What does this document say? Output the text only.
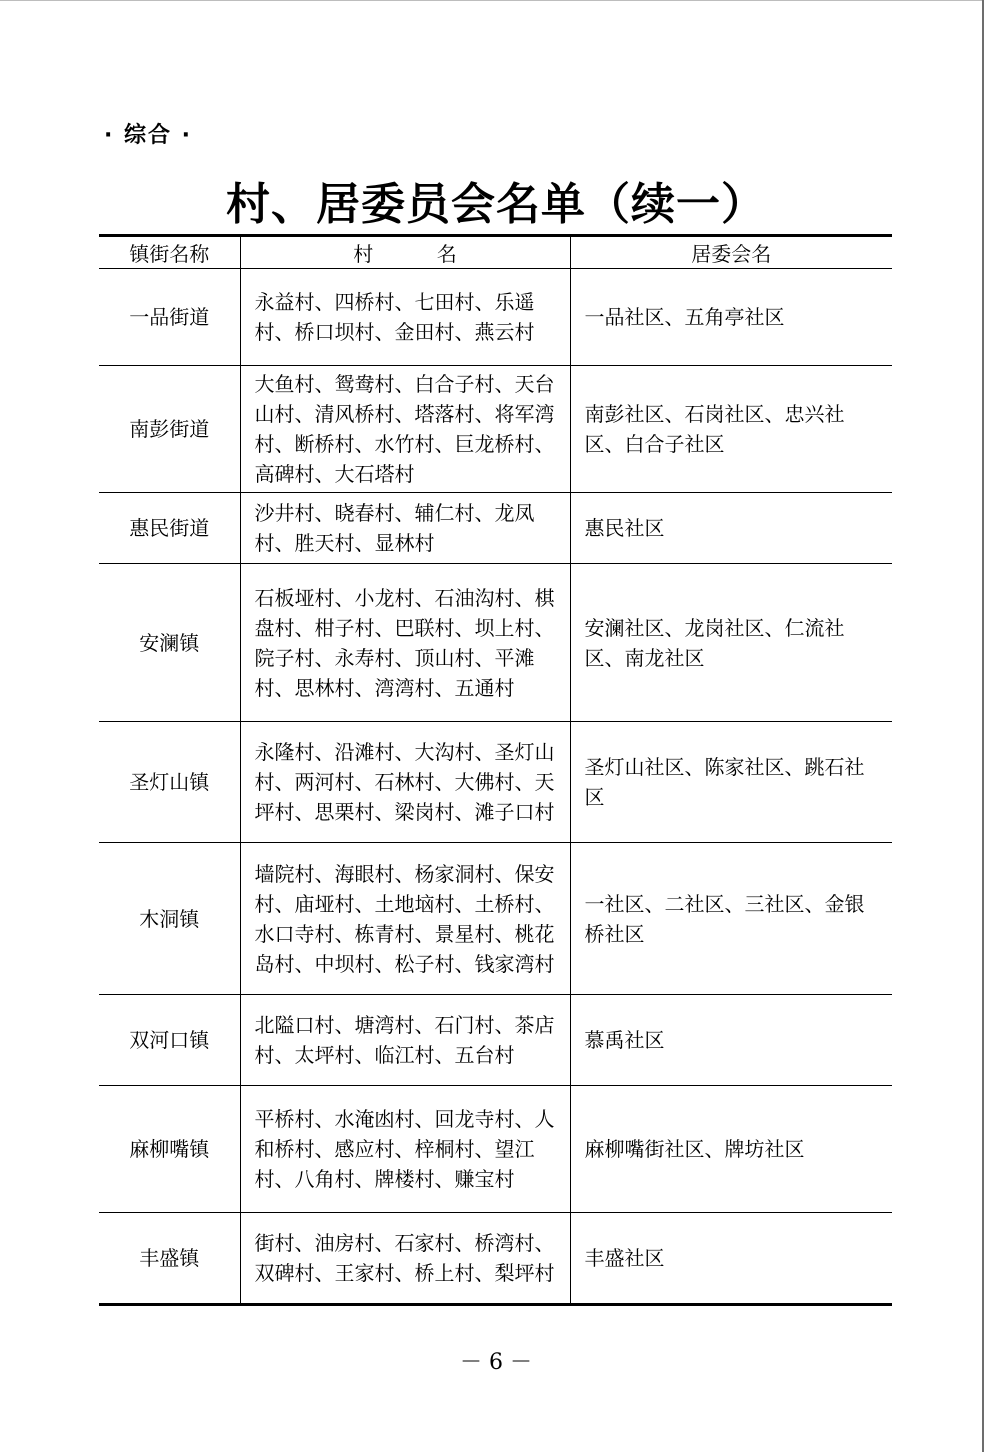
· 综合 ·
村、居委员会名单（续一）
镇街名称	村          名	居委会名
一品街道	永益村、四桥村、七田村、乐遥村、桥口坝村、金田村、燕云村	一品社区、五角亭社区
南彭街道	大鱼村、鸳鸯村、白合子村、天台山村、清风桥村、塔落村、将军湾村、断桥村、水竹村、巨龙桥村、高碑村、大石塔村	南彭社区、石岗社区、忠兴社区、白合子社区
惠民街道	沙井村、晓春村、辅仁村、龙凤村、胜天村、显林村	惠民社区
安澜镇	石板垭村、小龙村、石油沟村、棋盘村、柑子村、巴联村、坝上村、院子村、永寿村、顶山村、平滩村、思林村、湾湾村、五通村	安澜社区、龙岗社区、仁流社区、南龙社区
圣灯山镇	永隆村、沿滩村、大沟村、圣灯山村、两河村、石林村、大佛村、天坪村、思栗村、梁岗村、滩子口村	圣灯山社区、陈家社区、跳石社区
木洞镇	墙院村、海眼村、杨家洞村、保安村、庙垭村、土地垴村、土桥村、水口寺村、栋青村、景星村、桃花岛村、中坝村、松子村、钱家湾村	一社区、二社区、三社区、金银桥社区
双河口镇	北隘口村、塘湾村、石门村、茶店村、太坪村、临江村、五台村	慕禹社区
麻柳嘴镇	平桥村、水淹凼村、回龙寺村、人和桥村、感应村、梓桐村、望江村、八角村、牌楼村、赚宝村	麻柳嘴街社区、牌坊社区
丰盛镇	街村、油房村、石家村、桥湾村、双碑村、王家村、桥上村、梨坪村	丰盛社区
－ 6 －
